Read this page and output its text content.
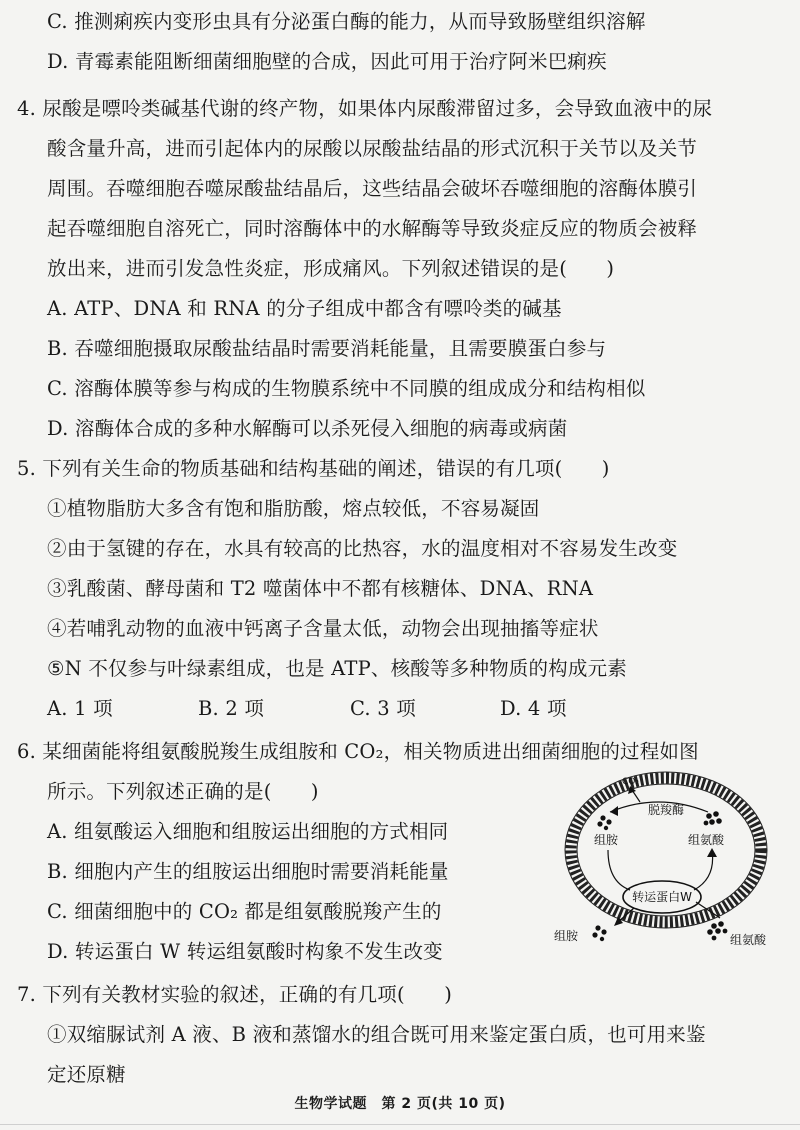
C. 推测痢疾内变形虫具有分泌蛋白酶的能力，从而导致肠壁组织溶解
D. 青霉素能阻断细菌细胞壁的合成，因此可用于治疗阿米巴痢疾
4. 尿酸是嘌呤类碱基代谢的终产物，如果体内尿酸滞留过多，会导致血液中的尿
酸含量升高，进而引起体内的尿酸以尿酸盐结晶的形式沉积于关节以及关节
周围。吞噬细胞吞噬尿酸盐结晶后，这些结晶会破坏吞噬细胞的溶酶体膜引
起吞噬细胞自溶死亡，同时溶酶体中的水解酶等导致炎症反应的物质会被释
放出来，进而引发急性炎症，形成痛风。下列叙述错误的是(　　)
A. ATP、DNA 和 RNA 的分子组成中都含有嘌呤类的碱基
B. 吞噬细胞摄取尿酸盐结晶时需要消耗能量，且需要膜蛋白参与
C. 溶酶体膜等参与构成的生物膜系统中不同膜的组成成分和结构相似
D. 溶酶体合成的多种水解酶可以杀死侵入细胞的病毒或病菌
5. 下列有关生命的物质基础和结构基础的阐述，错误的有几项(　　)
①植物脂肪大多含有饱和脂肪酸，熔点较低，不容易凝固
②由于氢键的存在，水具有较高的比热容，水的温度相对不容易发生改变
③乳酸菌、酵母菌和 T2 噬菌体中不都有核糖体、DNA、RNA
④若哺乳动物的血液中钙离子含量太低，动物会出现抽搐等症状
⑤N 不仅参与叶绿素组成，也是 ATP、核酸等多种物质的构成元素
A. 1 项	B. 2 项	C. 3 项	D. 4 项
6. 某细菌能将组氨酸脱羧生成组胺和 CO₂，相关物质进出细菌细胞的过程如图
所示。下列叙述正确的是(　　)
A. 组氨酸运入细胞和组胺运出细胞的方式相同
B. 细胞内产生的组胺运出细胞时需要消耗能量
C. 细菌细胞中的 CO₂ 都是组氨酸脱羧产生的
D. 转运蛋白 W 转运组氨酸时构象不发生改变
7. 下列有关教材实验的叙述，正确的有几项(　　)
①双缩脲试剂 A 液、B 液和蒸馏水的组合既可用来鉴定蛋白质，也可用来鉴
定还原糖
转运蛋白W
CO₂
脱羧酶
组胺	组氨酸
组胺	组氨酸
生物学试题　第 2 页(共 10 页)
